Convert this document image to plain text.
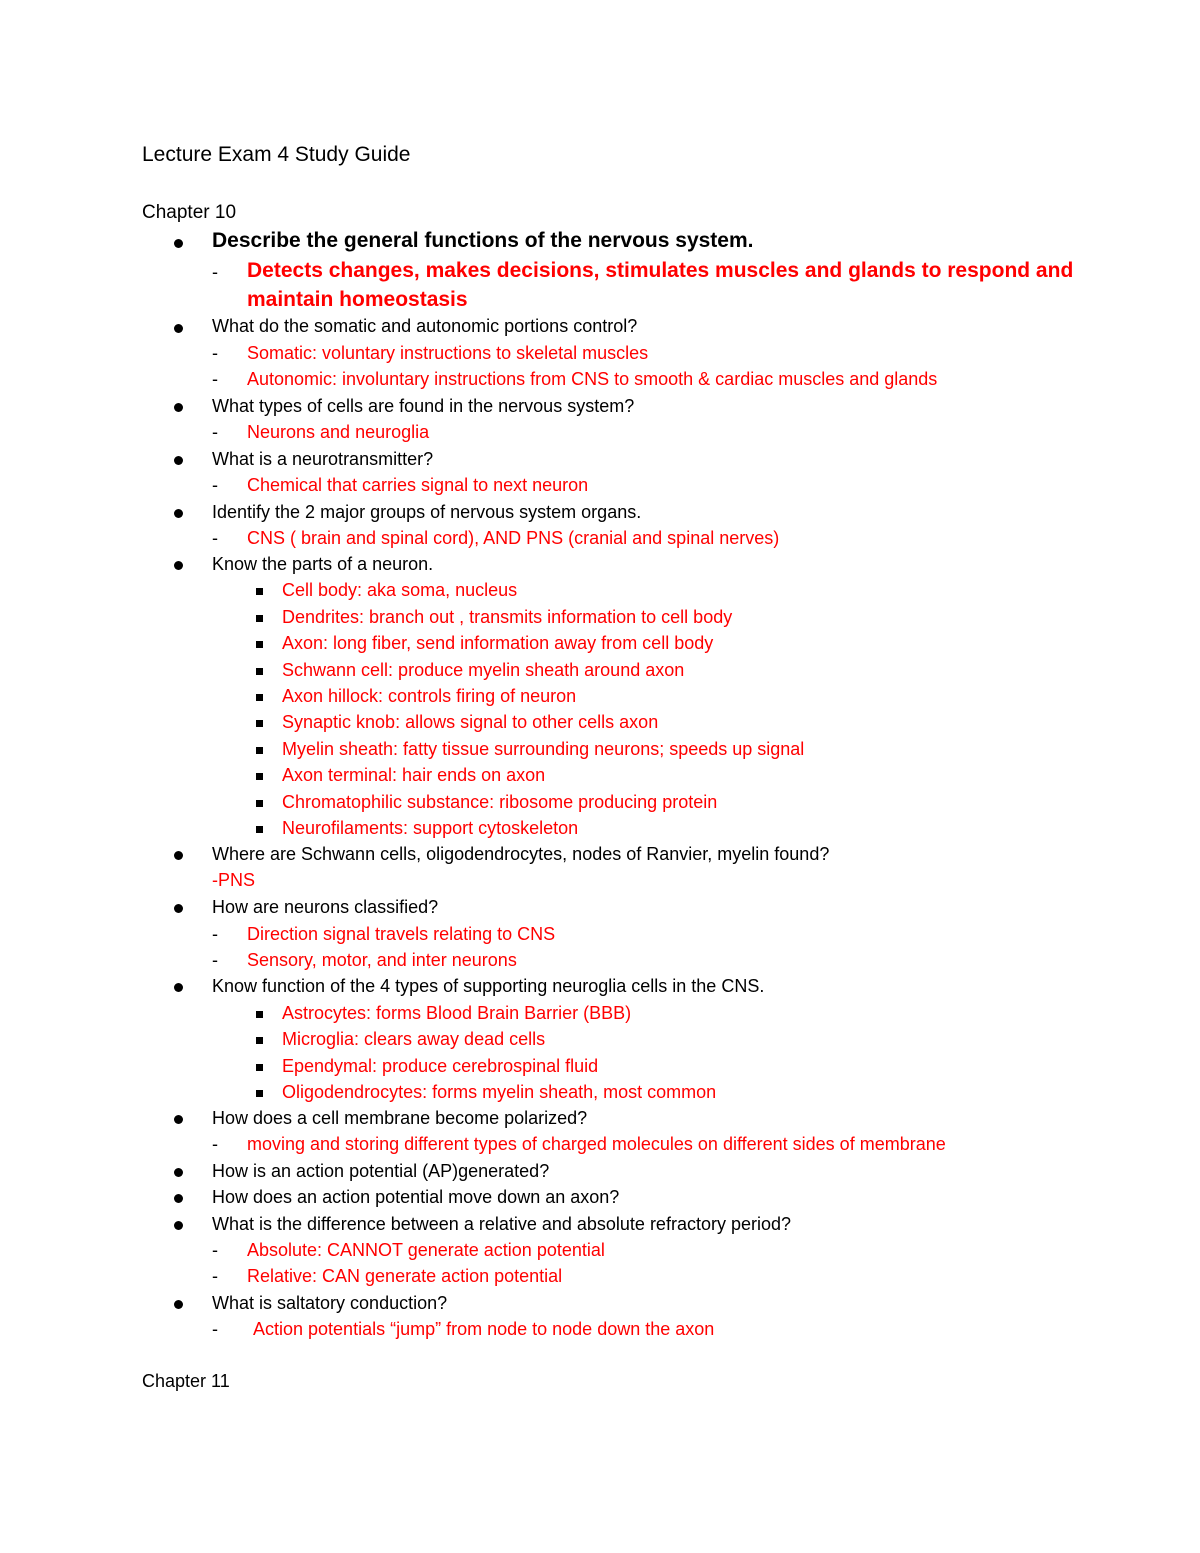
Lecture Exam 4 Study Guide
Chapter 10
Describe the general functions of the nervous system.
- Detects changes, makes decisions, stimulates muscles and glands to respond and
maintain homeostasis
What do the somatic and autonomic portions control?
- Somatic: voluntary instructions to skeletal muscles
- Autonomic: involuntary instructions from CNS to smooth & cardiac muscles and glands
What types of cells are found in the nervous system?
- Neurons and neuroglia
What is a neurotransmitter?
- Chemical that carries signal to next neuron
Identify the 2 major groups of nervous system organs.
- CNS ( brain and spinal cord), AND PNS (cranial and spinal nerves)
Know the parts of a neuron.
Cell body: aka soma, nucleus
Dendrites: branch out , transmits information to cell body
Axon: long fiber, send information away from cell body
Schwann cell: produce myelin sheath around axon
Axon hillock: controls firing of neuron
Synaptic knob: allows signal to other cells axon
Myelin sheath: fatty tissue surrounding neurons; speeds up signal
Axon terminal: hair ends on axon
Chromatophilic substance: ribosome producing protein
Neurofilaments: support cytoskeleton
Where are Schwann cells, oligodendrocytes, nodes of Ranvier, myelin found?
-PNS
How are neurons classified?
- Direction signal travels relating to CNS
- Sensory, motor, and inter neurons
Know function of the 4 types of supporting neuroglia cells in the CNS.
Astrocytes: forms Blood Brain Barrier (BBB)
Microglia: clears away dead cells
Ependymal: produce cerebrospinal fluid
Oligodendrocytes: forms myelin sheath, most common
How does a cell membrane become polarized?
- moving and storing different types of charged molecules on different sides of membrane
How is an action potential (AP)generated?
How does an action potential move down an axon?
What is the difference between a relative and absolute refractory period?
- Absolute: CANNOT generate action potential
- Relative: CAN generate action potential
What is saltatory conduction?
- Action potentials “jump” from node to node down the axon
Chapter 11
